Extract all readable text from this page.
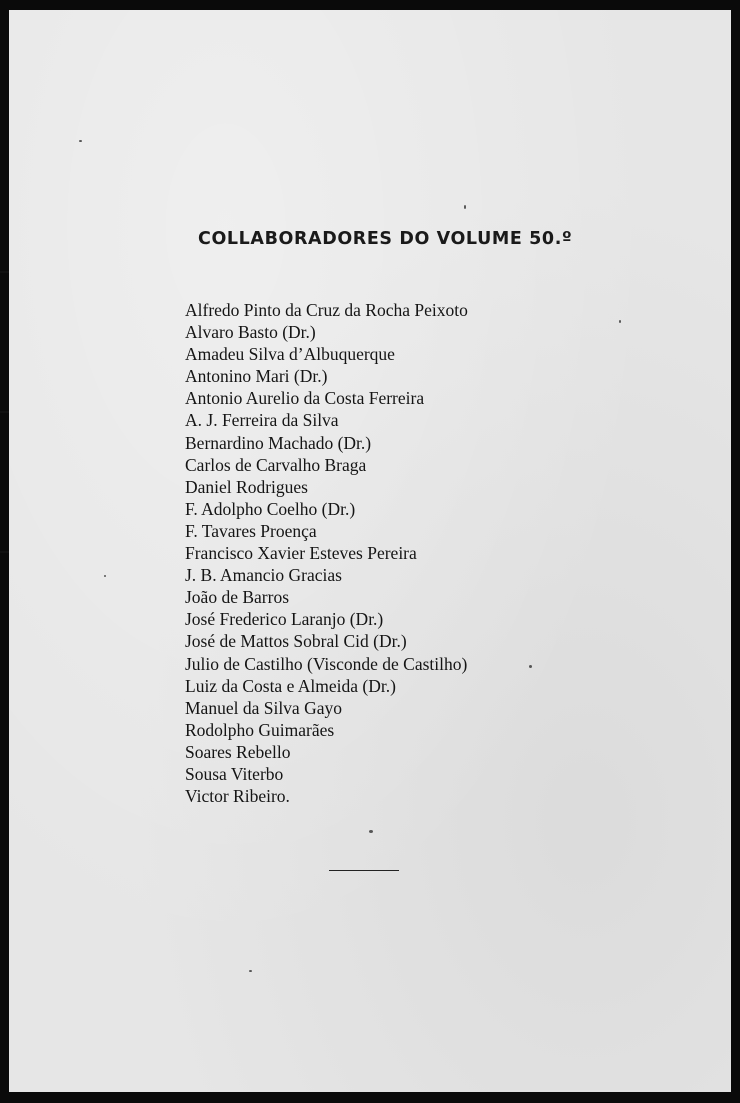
COLLABORADORES DO VOLUME 50.º
Alfredo Pinto da Cruz da Rocha Peixoto
Alvaro Basto (Dr.)
Amadeu Silva d’Albuquerque
Antonino Mari (Dr.)
Antonio Aurelio da Costa Ferreira
A. J. Ferreira da Silva
Bernardino Machado (Dr.)
Carlos de Carvalho Braga
Daniel Rodrigues
F. Adolpho Coelho (Dr.)
F. Tavares Proença
Francisco Xavier Esteves Pereira
J. B. Amancio Gracias
João de Barros
José Frederico Laranjo (Dr.)
José de Mattos Sobral Cid (Dr.)
Julio de Castilho (Visconde de Castilho)
Luiz da Costa e Almeida (Dr.)
Manuel da Silva Gayo
Rodolpho Guimarães
Soares Rebello
Sousa Viterbo
Victor Ribeiro.
